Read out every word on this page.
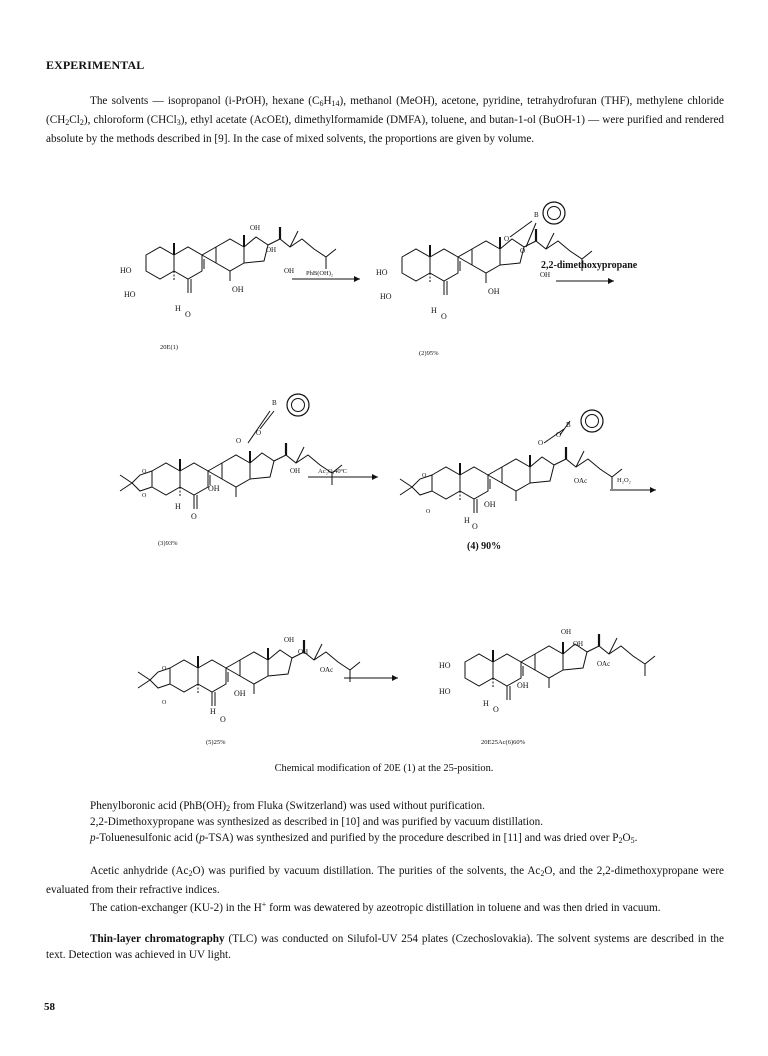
EXPERIMENTAL
The solvents — isopropanol (i-PrOH), hexane $(C_6H_{14})$, methanol (MeOH), acetone, pyridine, tetrahydrofuran (THF), methylene chloride $(CH_2Cl_2)$, chloroform (CHCl$_3$), ethyl acetate (AcOEt), dimethylformamide (DMFA), toluene, and butan-1-ol (BuOH-1) — were purified and rendered absolute by the methods described in [9]. In the case of mixed solvents, the proportions are given by volume.
HO
HO
OH
H
O
OH
OH
OH
20E(1)
PhB(OH)₂	HO
HO
OH
H
O
O
O
B
OH
(2)95%
2,2-dimethoxypropane
O
O
OH
H
O
OH
O
O
B
(3)93%
Ac₂O,40ºC
O
O
OH
H
O
OAc
O
O
B
(4) 90%
H₂O₂
O
O
OH
H
O
OH
OH
OAc
(5)25%
HO
HO
OH
H
O
OH
OH
OAc
20E25Ac(6)60%
Chemical modification of 20E (1) at the 25-position.
Phenylboronic acid ($PhB(OH)_2$ from Fluka (Switzerland) was used without purification.
2,2-Dimethoxypropane was synthesized as described in [10] and was purified by vacuum distillation.
p-Toluenesulfonic acid (p-TSA) was synthesized and purified by the procedure described in [11] and was dried over $P_2O_5$.
Acetic anhydride $(Ac_2O)$ was purified by vacuum distillation. The purities of the solvents, the $Ac_2O$, and the 2,2-dimethoxypropane were evaluated from their refractive indices.
The cation-exchanger (KU-2) in the H+ form was dewatered by azeotropic distillation in toluene and was then dried in vacuum.
Thin-layer chromatography (TLC) was conducted on Silufol-UV 254 plates (Czechoslovakia). The solvent systems are described in the text. Detection was achieved in UV light.
58
